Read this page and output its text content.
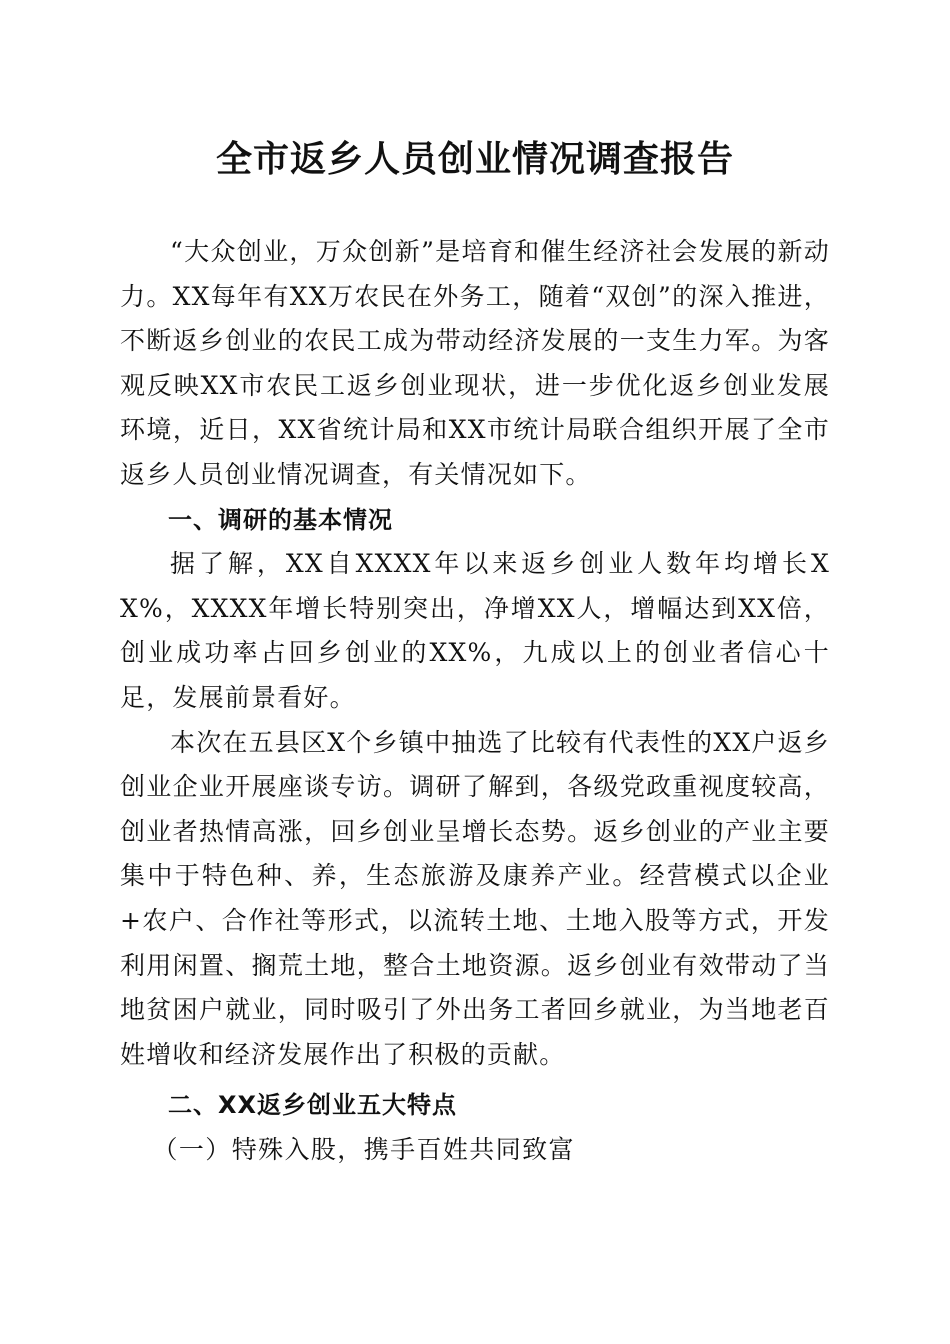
全市返乡人员创业情况调查报告

“大众创业，万众创新”是培育和催生经济社会发展的新动力。XX每年有XX万农民在外务工，随着“双创”的深入推进，不断返乡创业的农民工成为带动经济发展的一支生力军。为客观反映XX市农民工返乡创业现状，进一步优化返乡创业发展环境，近日，XX省统计局和XX市统计局联合组织开展了全市返乡人员创业情况调查，有关情况如下。

一、调研的基本情况

据了解，XX自XXXX年以来返乡创业人数年均增长XX%，XXXX年增长特别突出，净增XX人，增幅达到XX倍，创业成功率占回乡创业的XX%，九成以上的创业者信心十足，发展前景看好。

本次在五县区X个乡镇中抽选了比较有代表性的XX户返乡创业企业开展座谈专访。调研了解到，各级党政重视度较高，创业者热情高涨，回乡创业呈增长态势。返乡创业的产业主要集中于特色种、养，生态旅游及康养产业。经营模式以企业+农户、合作社等形式，以流转土地、土地入股等方式，开发利用闲置、搁荒土地，整合土地资源。返乡创业有效带动了当地贫困户就业，同时吸引了外出务工者回乡就业，为当地老百姓增收和经济发展作出了积极的贡献。

二、XX返乡创业五大特点

（一）特殊入股，携手百姓共同致富
